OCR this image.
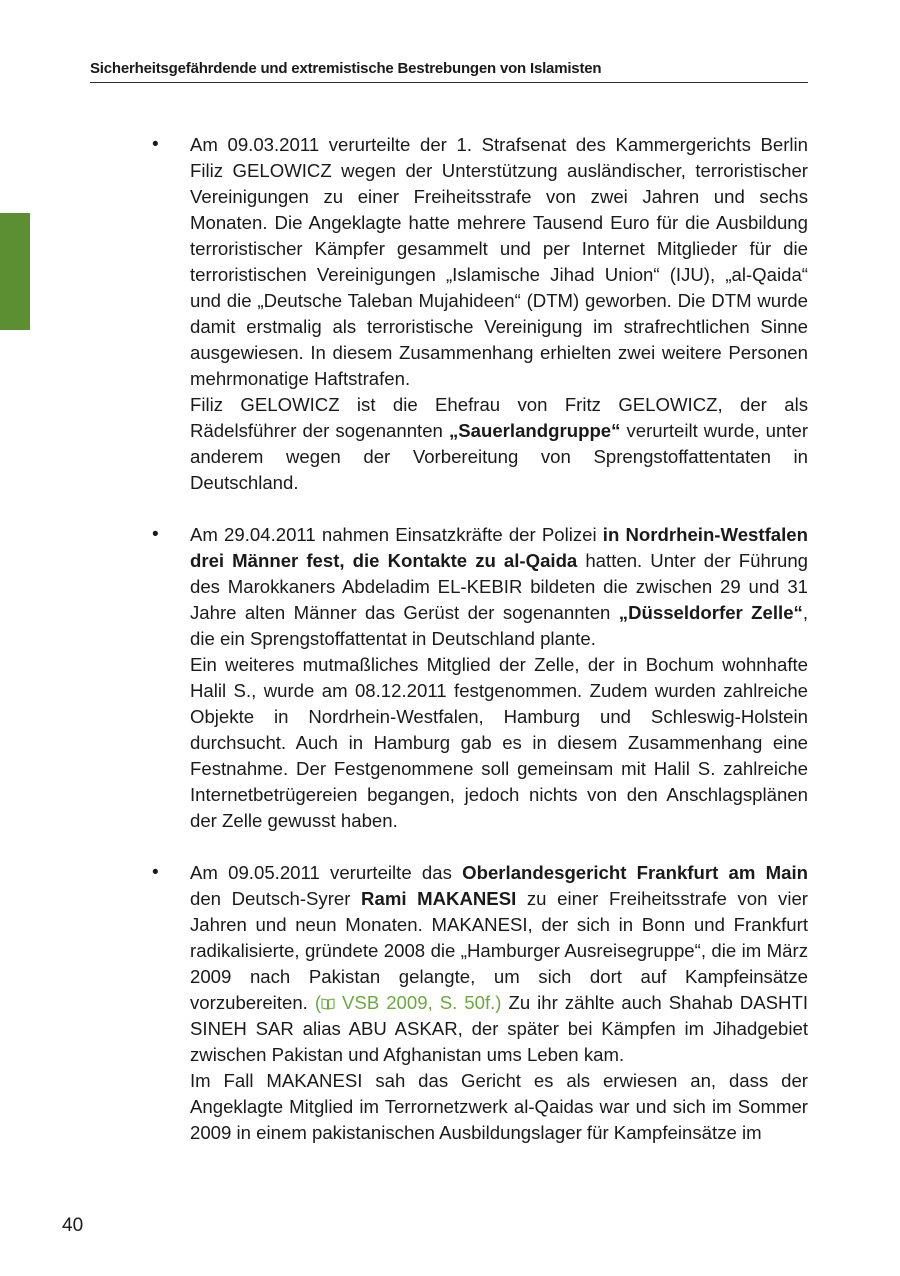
Sicherheitsgefährdende und extremistische Bestrebungen von Islamisten
• Am 09.03.2011 verurteilte der 1. Strafsenat des Kammergerichts Berlin Filiz GELOWICZ wegen der Unterstützung ausländischer, terroristischer Vereinigungen zu einer Freiheitsstrafe von zwei Jahren und sechs Monaten. Die Angeklagte hatte mehrere Tausend Euro für die Ausbildung terroristischer Kämpfer gesammelt und per Internet Mitglieder für die terroristischen Vereinigungen „Islamische Jihad Union“ (IJU), „al-Qaida“ und die „Deutsche Taleban Mujahideen“ (DTM) geworben. Die DTM wurde damit erstmalig als terroristische Vereinigung im strafrechtlichen Sinne ausgewiesen. In diesem Zusammenhang erhielten zwei weitere Personen mehrmonatige Haftstrafen.

Filiz GELOWICZ ist die Ehefrau von Fritz GELOWICZ, der als Rädelsführer der sogenannten „Sauerlandgruppe“ verurteilt wurde, unter anderem wegen der Vorbereitung von Sprengstoffattentaten in Deutschland.

• Am 29.04.2011 nahmen Einsatzkräfte der Polizei in Nordrhein-Westfalen drei Männer fest, die Kontakte zu al-Qaida hatten. Unter der Führung des Marokkaners Abdeladim EL-KEBIR bildeten die zwischen 29 und 31 Jahre alten Männer das Gerüst der sogenannten „Düsseldorfer Zelle“, die ein Sprengstoffattentat in Deutschland plante.

Ein weiteres mutmaßliches Mitglied der Zelle, der in Bochum wohnhafte Halil S., wurde am 08.12.2011 festgenommen. Zudem wurden zahlreiche Objekte in Nordrhein-Westfalen, Hamburg und Schleswig-Holstein durchsucht. Auch in Hamburg gab es in diesem Zusammenhang eine Festnahme. Der Festgenommene soll gemeinsam mit Halil S. zahlreiche Internetbetrügereien begangen, jedoch nichts von den Anschlagsplänen der Zelle gewusst haben.

• Am 09.05.2011 verurteilte das Oberlandesgericht Frankfurt am Main den Deutsch-Syrer Rami MAKANESI zu einer Freiheitsstrafe von vier Jahren und neun Monaten. MAKANESI, der sich in Bonn und Frankfurt radikalisierte, gründete 2008 die „Hamburger Ausreisegruppe“, die im März 2009 nach Pakistan gelangte, um sich dort auf Kampfeinsätze vorzubereiten. ( VSB 2009, S. 50f.) Zu ihr zählte auch Shahab DASHTI SINEH SAR alias ABU ASKAR, der später bei Kämpfen im Jihadgebiet zwischen Pakistan und Afghanistan ums Leben kam.

Im Fall MAKANESI sah das Gericht es als erwiesen an, dass der Angeklagte Mitglied im Terrornetzwerk al-Qaidas war und sich im Sommer 2009 in einem pakistanischen Ausbildungslager für Kampfeinsätze im

40
